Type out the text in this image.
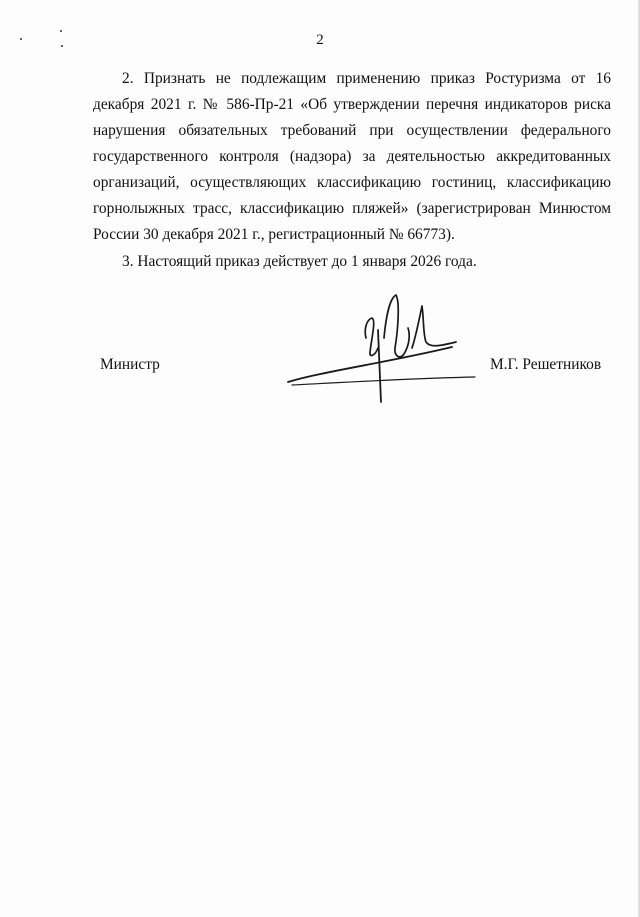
2

2. Признать не подлежащим применению приказ Ростуризма от 16 декабря 2021 г. № 586-Пр-21 «Об утверждении перечня индикаторов риска нарушения обязательных требований при осуществлении федерального государственного контроля (надзора) за деятельностью аккредитованных организаций, осуществляющих классификацию гостиниц, классификацию горнолыжных трасс, классификацию пляжей» (зарегистрирован Минюстом России 30 декабря 2021 г., регистрационный № 66773).

3. Настоящий приказ действует до 1 января 2026 года.

Министр	М.Г. Решетников
